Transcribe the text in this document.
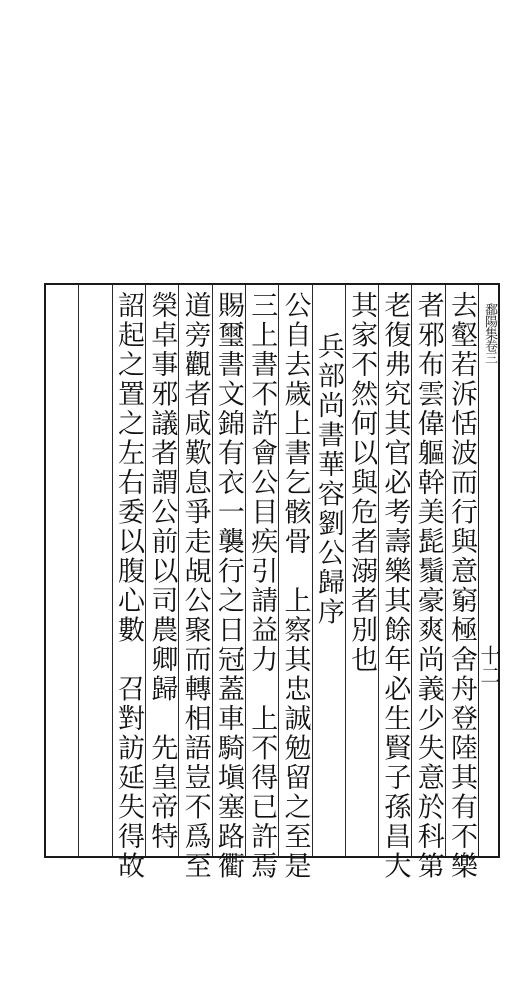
鄱陽集卷三
十二
去壑若泝恬波而行與意窮極舍舟登陸其有不樂
者邪布雲偉軀幹美髭鬚豪爽尚義少失意於科第
老復弗究其官必考壽樂其餘年必生賢子孫昌大
其家不然何以與危者溺者別也
兵部尚書華容劉公歸序
公自去歲上書乞骸骨　上察其忠誠勉留之至是
三上書不許會公目疾引請益力　上不得已許焉
賜璽書文錦有衣一襲行之日冠蓋車騎塡塞路衢
道旁觀者咸歎息爭走覘公聚而轉相語豈不爲至
榮卓事邪議者謂公前以司農卿歸　先皇帝特
詔起之置之左右委以腹心數　召對訪延失得故
